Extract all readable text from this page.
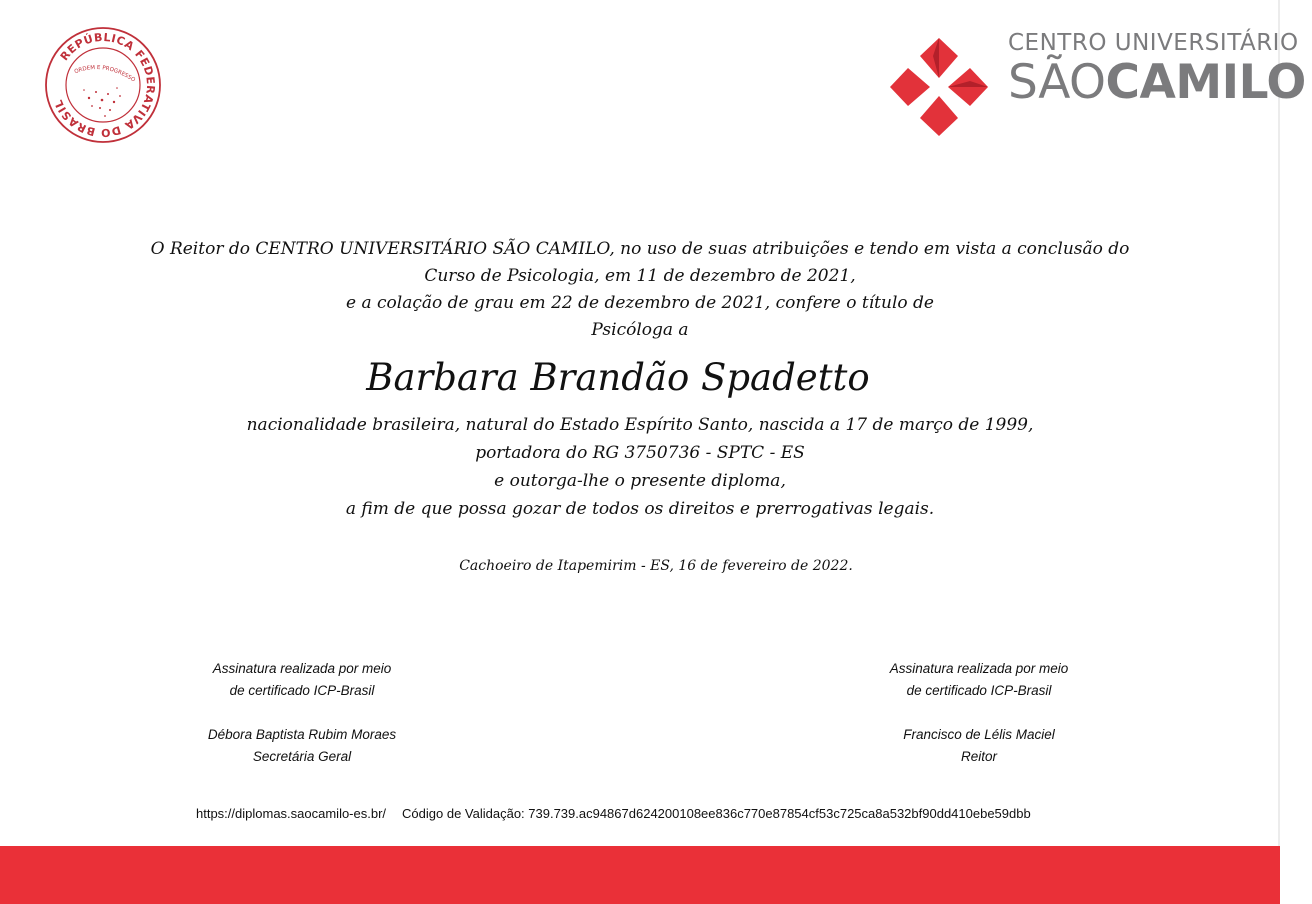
REPÚBLICA FEDERATIVA DO BRASIL
ORDEM E PROGRESSO
CENTRO UNIVERSITÁRIO
SÃOCAMILO
O Reitor do CENTRO UNIVERSITÁRIO SÃO CAMILO, no uso de suas atribuições e tendo em vista a conclusão do
Curso de Psicologia, em 11 de dezembro de 2021,
e a colação de grau em 22 de dezembro de 2021, confere o título de
Psicóloga a
Barbara Brandão Spadetto
nacionalidade brasileira, natural do Estado Espírito Santo, nascida a 17 de março de 1999,
portadora do RG 3750736 - SPTC - ES
e outorga-lhe o presente diploma,
a fim de que possa gozar de todos os direitos e prerrogativas legais.
Cachoeiro de Itapemirim - ES, 16 de fevereiro de 2022.
Assinatura realizada por meio
de certificado ICP-Brasil
Débora Baptista Rubim Moraes
Secretária Geral
Assinatura realizada por meio
de certificado ICP-Brasil
Francisco de Lélis Maciel
Reitor
https://diplomas.saocamilo-es.br/ Código de Validação: 739.739.ac94867d624200108ee836c770e87854cf53c725ca8a532bf90dd410ebe59dbb
